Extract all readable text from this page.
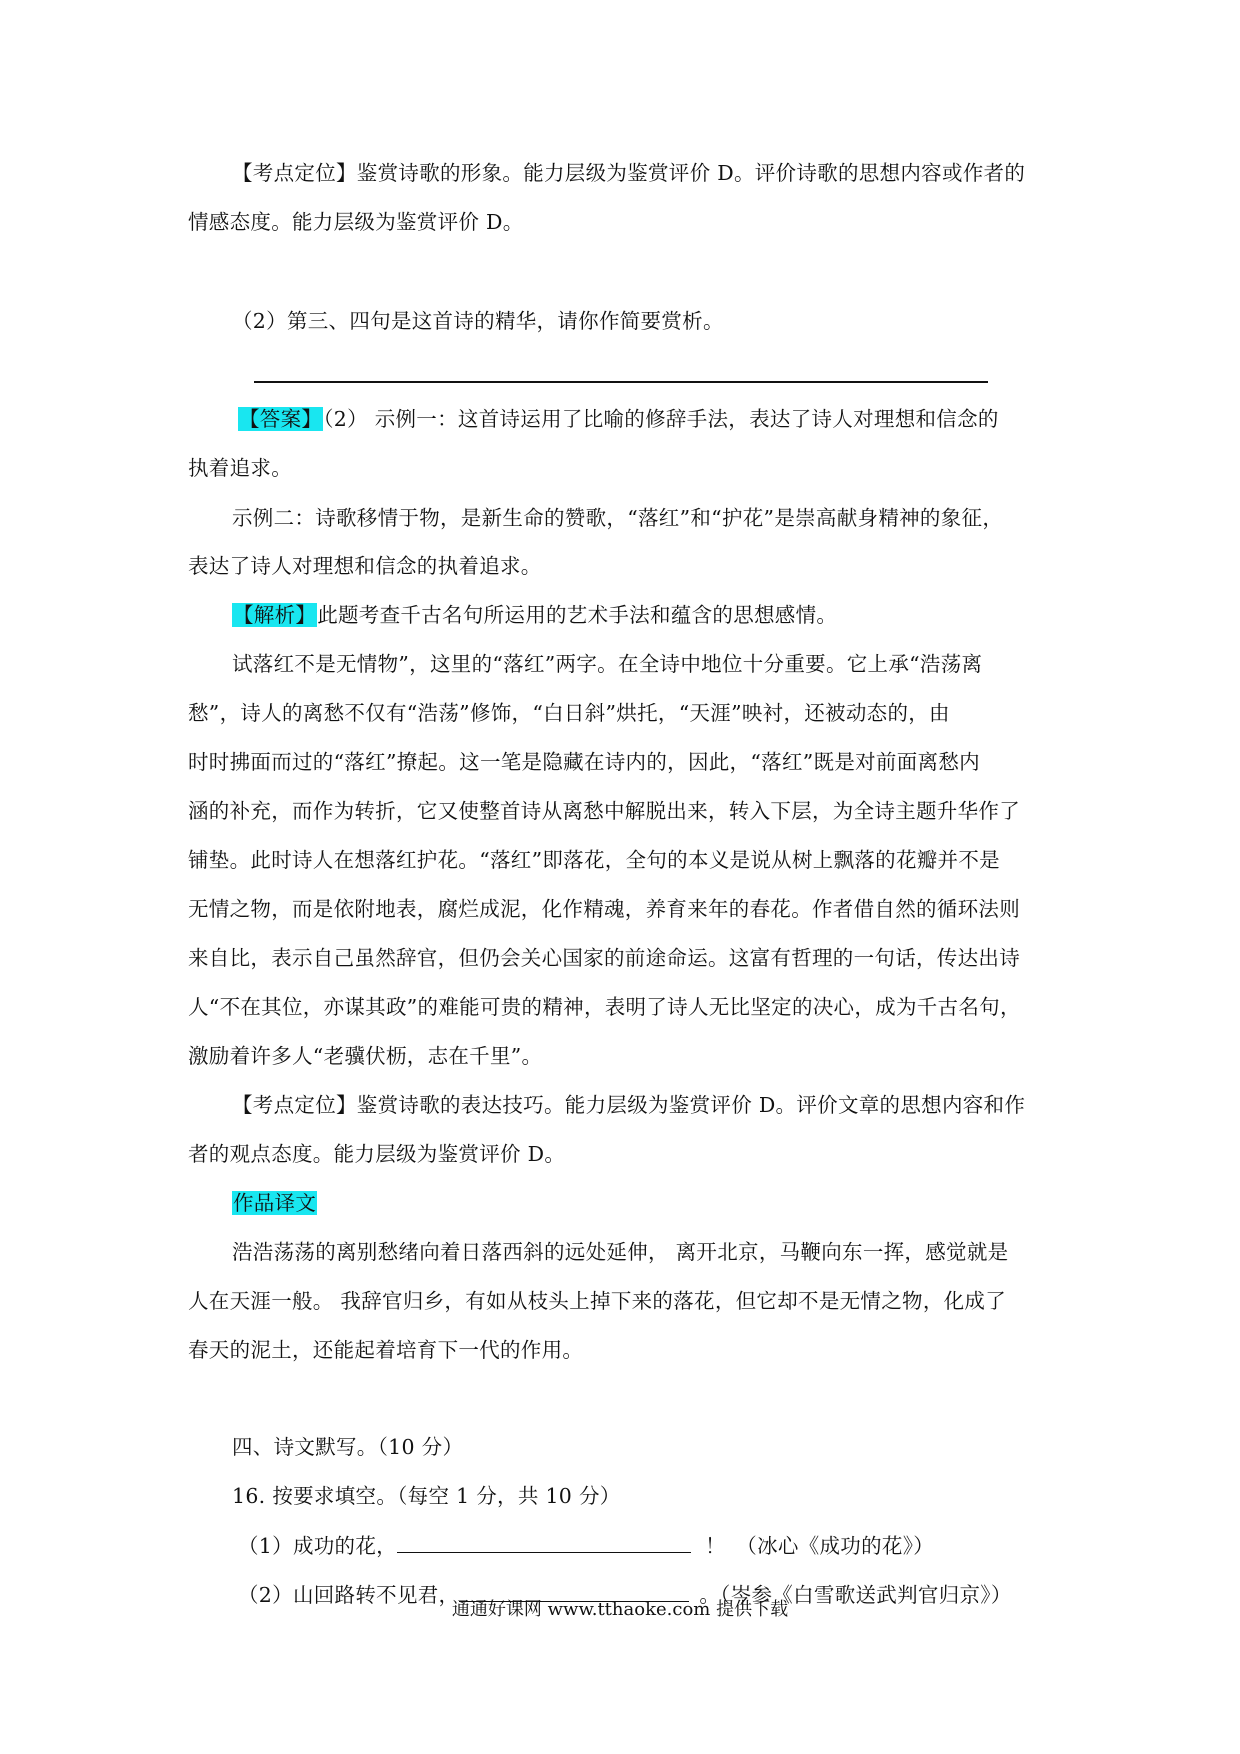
【考点定位】鉴赏诗歌的形象。能力层级为鉴赏评价 D。评价诗歌的思想内容或作者的
情感态度。能力层级为鉴赏评价 D。
（2）第三、四句是这首诗的精华，请你作简要赏析。
【答案】（2） 示例一：这首诗运用了比喻的修辞手法，表达了诗人对理想和信念的
执着追求。
示例二：诗歌移情于物，是新生命的赞歌，“落红”和“护花”是崇高献身精神的象征，
表达了诗人对理想和信念的执着追求。
【解析】此题考查千古名句所运用的艺术手法和蕴含的思想感情。
试落红不是无情物”，这里的“落红”两字。在全诗中地位十分重要。它上承“浩荡离
愁”，诗人的离愁不仅有“浩荡”修饰，“白日斜”烘托，“天涯”映衬，还被动态的，由
时时拂面而过的“落红”撩起。这一笔是隐藏在诗内的，因此，“落红”既是对前面离愁内
涵的补充，而作为转折，它又使整首诗从离愁中解脱出来，转入下层，为全诗主题升华作了
铺垫。此时诗人在想落红护花。“落红”即落花，全句的本义是说从树上飘落的花瓣并不是
无情之物，而是依附地表，腐烂成泥，化作精魂，养育来年的春花。作者借自然的循环法则
来自比，表示自己虽然辞官，但仍会关心国家的前途命运。这富有哲理的一句话，传达出诗
人“不在其位，亦谋其政”的难能可贵的精神，表明了诗人无比坚定的决心，成为千古名句，
激励着许多人“老骥伏枥，志在千里”。
【考点定位】鉴赏诗歌的表达技巧。能力层级为鉴赏评价 D。评价文章的思想内容和作
者的观点态度。能力层级为鉴赏评价 D。
作品译文
浩浩荡荡的离别愁绪向着日落西斜的远处延伸， 离开北京，马鞭向东一挥，感觉就是
人在天涯一般。 我辞官归乡，有如从枝头上掉下来的落花，但它却不是无情之物，化成了
春天的泥土，还能起着培育下一代的作用。
四、诗文默写。（10 分）
16. 按要求填空。（每空 1 分，共 10 分）
（1）成功的花，	！　（冰心《成功的花》）
（2）山回路转不见君，	。（岑参《白雪歌送武判官归京》）
通通好课网 www.tthaoke.com 提供下载
